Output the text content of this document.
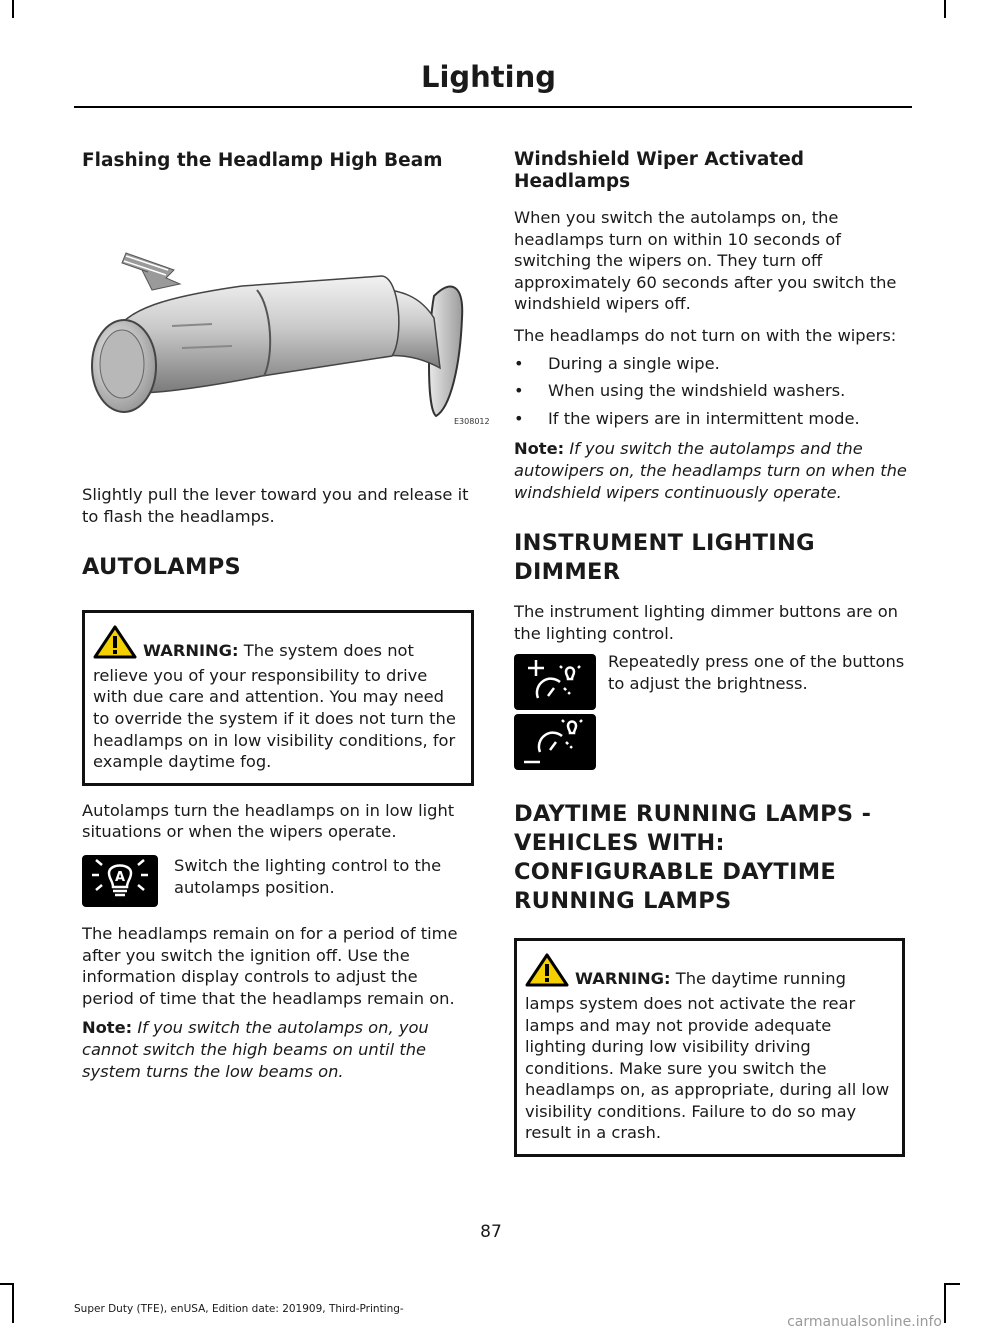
Lighting
Flashing the Headlamp High Beam
E308012

Slightly pull the lever toward you and release it to flash the headlamps.

AUTOLAMPS

WARNING: The system does not relieve you of your responsibility to drive with due care and attention. You may need to override the system if it does not turn the headlamps on in low visibility conditions, for example daytime fog.

Autolamps turn the headlamps on in low light situations or when the wipers operate.

A

Switch the lighting control to the autolamps position.

The headlamps remain on for a period of time after you switch the ignition off. Use the information display controls to adjust the period of time that the headlamps remain on.

Note: If you switch the autolamps on, you cannot switch the high beams on until the system turns the low beams on.

Windshield Wiper Activated Headlamps

When you switch the autolamps on, the headlamps turn on within 10 seconds of switching the wipers on. They turn off approximately 60 seconds after you switch the windshield wipers off.

The headlamps do not turn on with the wipers:

•	During a single wipe.
•	When using the windshield washers.
•	If the wipers are in intermittent mode.

Note: If you switch the autolamps and the autowipers on, the headlamps turn on when the windshield wipers continuously operate.

INSTRUMENT LIGHTING
DIMMER

The instrument lighting dimmer buttons are on the lighting control.

Repeatedly press one of the buttons to adjust the brightness.

DAYTIME RUNNING LAMPS -
VEHICLES WITH:
CONFIGURABLE DAYTIME
RUNNING LAMPS

WARNING: The daytime running lamps system does not activate the rear lamps and may not provide adequate lighting during low visibility driving conditions. Make sure you switch the headlamps on, as appropriate, during all low visibility conditions. Failure to do so may result in a crash.

87
Super Duty (TFE), enUSA, Edition date: 201909, Third-Printing-
carmanualsonline.info
